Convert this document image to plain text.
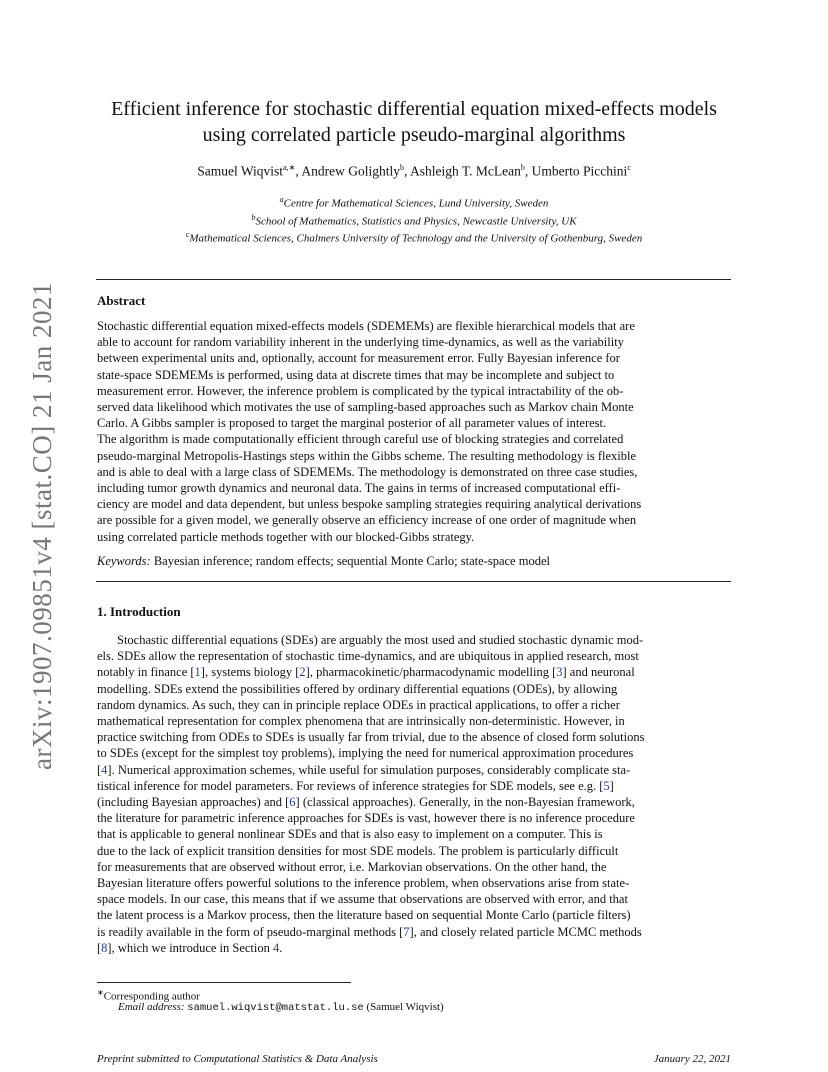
arXiv:1907.09851v4 [stat.CO] 21 Jan 2021
Efficient inference for stochastic differential equation mixed-effects models
using correlated particle pseudo-marginal algorithms
Samuel Wiqvist$^{a,∗}$, Andrew Golightly$^b$, Ashleigh T. McLean$^b$, Umberto Picchini$^c$
$^a$Centre for Mathematical Sciences, Lund University, Sweden
$^b$School of Mathematics, Statistics and Physics, Newcastle University, UK
$^c$Mathematical Sciences, Chalmers University of Technology and the University of Gothenburg, Sweden
Abstract
Stochastic differential equation mixed-effects models (SDEMEMs) are flexible hierarchical models that are
able to account for random variability inherent in the underlying time-dynamics, as well as the variability
between experimental units and, optionally, account for measurement error. Fully Bayesian inference for
state-space SDEMEMs is performed, using data at discrete times that may be incomplete and subject to
measurement error. However, the inference problem is complicated by the typical intractability of the ob-
served data likelihood which motivates the use of sampling-based approaches such as Markov chain Monte
Carlo. A Gibbs sampler is proposed to target the marginal posterior of all parameter values of interest.
The algorithm is made computationally efficient through careful use of blocking strategies and correlated
pseudo-marginal Metropolis-Hastings steps within the Gibbs scheme. The resulting methodology is flexible
and is able to deal with a large class of SDEMEMs. The methodology is demonstrated on three case studies,
including tumor growth dynamics and neuronal data. The gains in terms of increased computational effi-
ciency are model and data dependent, but unless bespoke sampling strategies requiring analytical derivations
are possible for a given model, we generally observe an efficiency increase of one order of magnitude when
using correlated particle methods together with our blocked-Gibbs strategy.
Keywords: Bayesian inference; random effects; sequential Monte Carlo; state-space model
1. Introduction
Stochastic differential equations (SDEs) are arguably the most used and studied stochastic dynamic mod-
els. SDEs allow the representation of stochastic time-dynamics, and are ubiquitous in applied research, most
notably in finance [1], systems biology [2], pharmacokinetic/pharmacodynamic modelling [3] and neuronal
modelling. SDEs extend the possibilities offered by ordinary differential equations (ODEs), by allowing
random dynamics. As such, they can in principle replace ODEs in practical applications, to offer a richer
mathematical representation for complex phenomena that are intrinsically non-deterministic. However, in
practice switching from ODEs to SDEs is usually far from trivial, due to the absence of closed form solutions
to SDEs (except for the simplest toy problems), implying the need for numerical approximation procedures
[4]. Numerical approximation schemes, while useful for simulation purposes, considerably complicate sta-
tistical inference for model parameters. For reviews of inference strategies for SDE models, see e.g. [5]
(including Bayesian approaches) and [6] (classical approaches). Generally, in the non-Bayesian framework,
the literature for parametric inference approaches for SDEs is vast, however there is no inference procedure
that is applicable to general nonlinear SDEs and that is also easy to implement on a computer. This is
due to the lack of explicit transition densities for most SDE models. The problem is particularly difficult
for measurements that are observed without error, i.e. Markovian observations. On the other hand, the
Bayesian literature offers powerful solutions to the inference problem, when observations arise from state-
space models. In our case, this means that if we assume that observations are observed with error, and that
the latent process is a Markov process, then the literature based on sequential Monte Carlo (particle filters)
is readily available in the form of pseudo-marginal methods [7], and closely related particle MCMC methods
[8], which we introduce in Section 4.
∗Corresponding author
Email address: samuel.wiqvist@matstat.lu.se (Samuel Wiqvist)
Preprint submitted to Computational Statistics & Data Analysis	January 22, 2021
